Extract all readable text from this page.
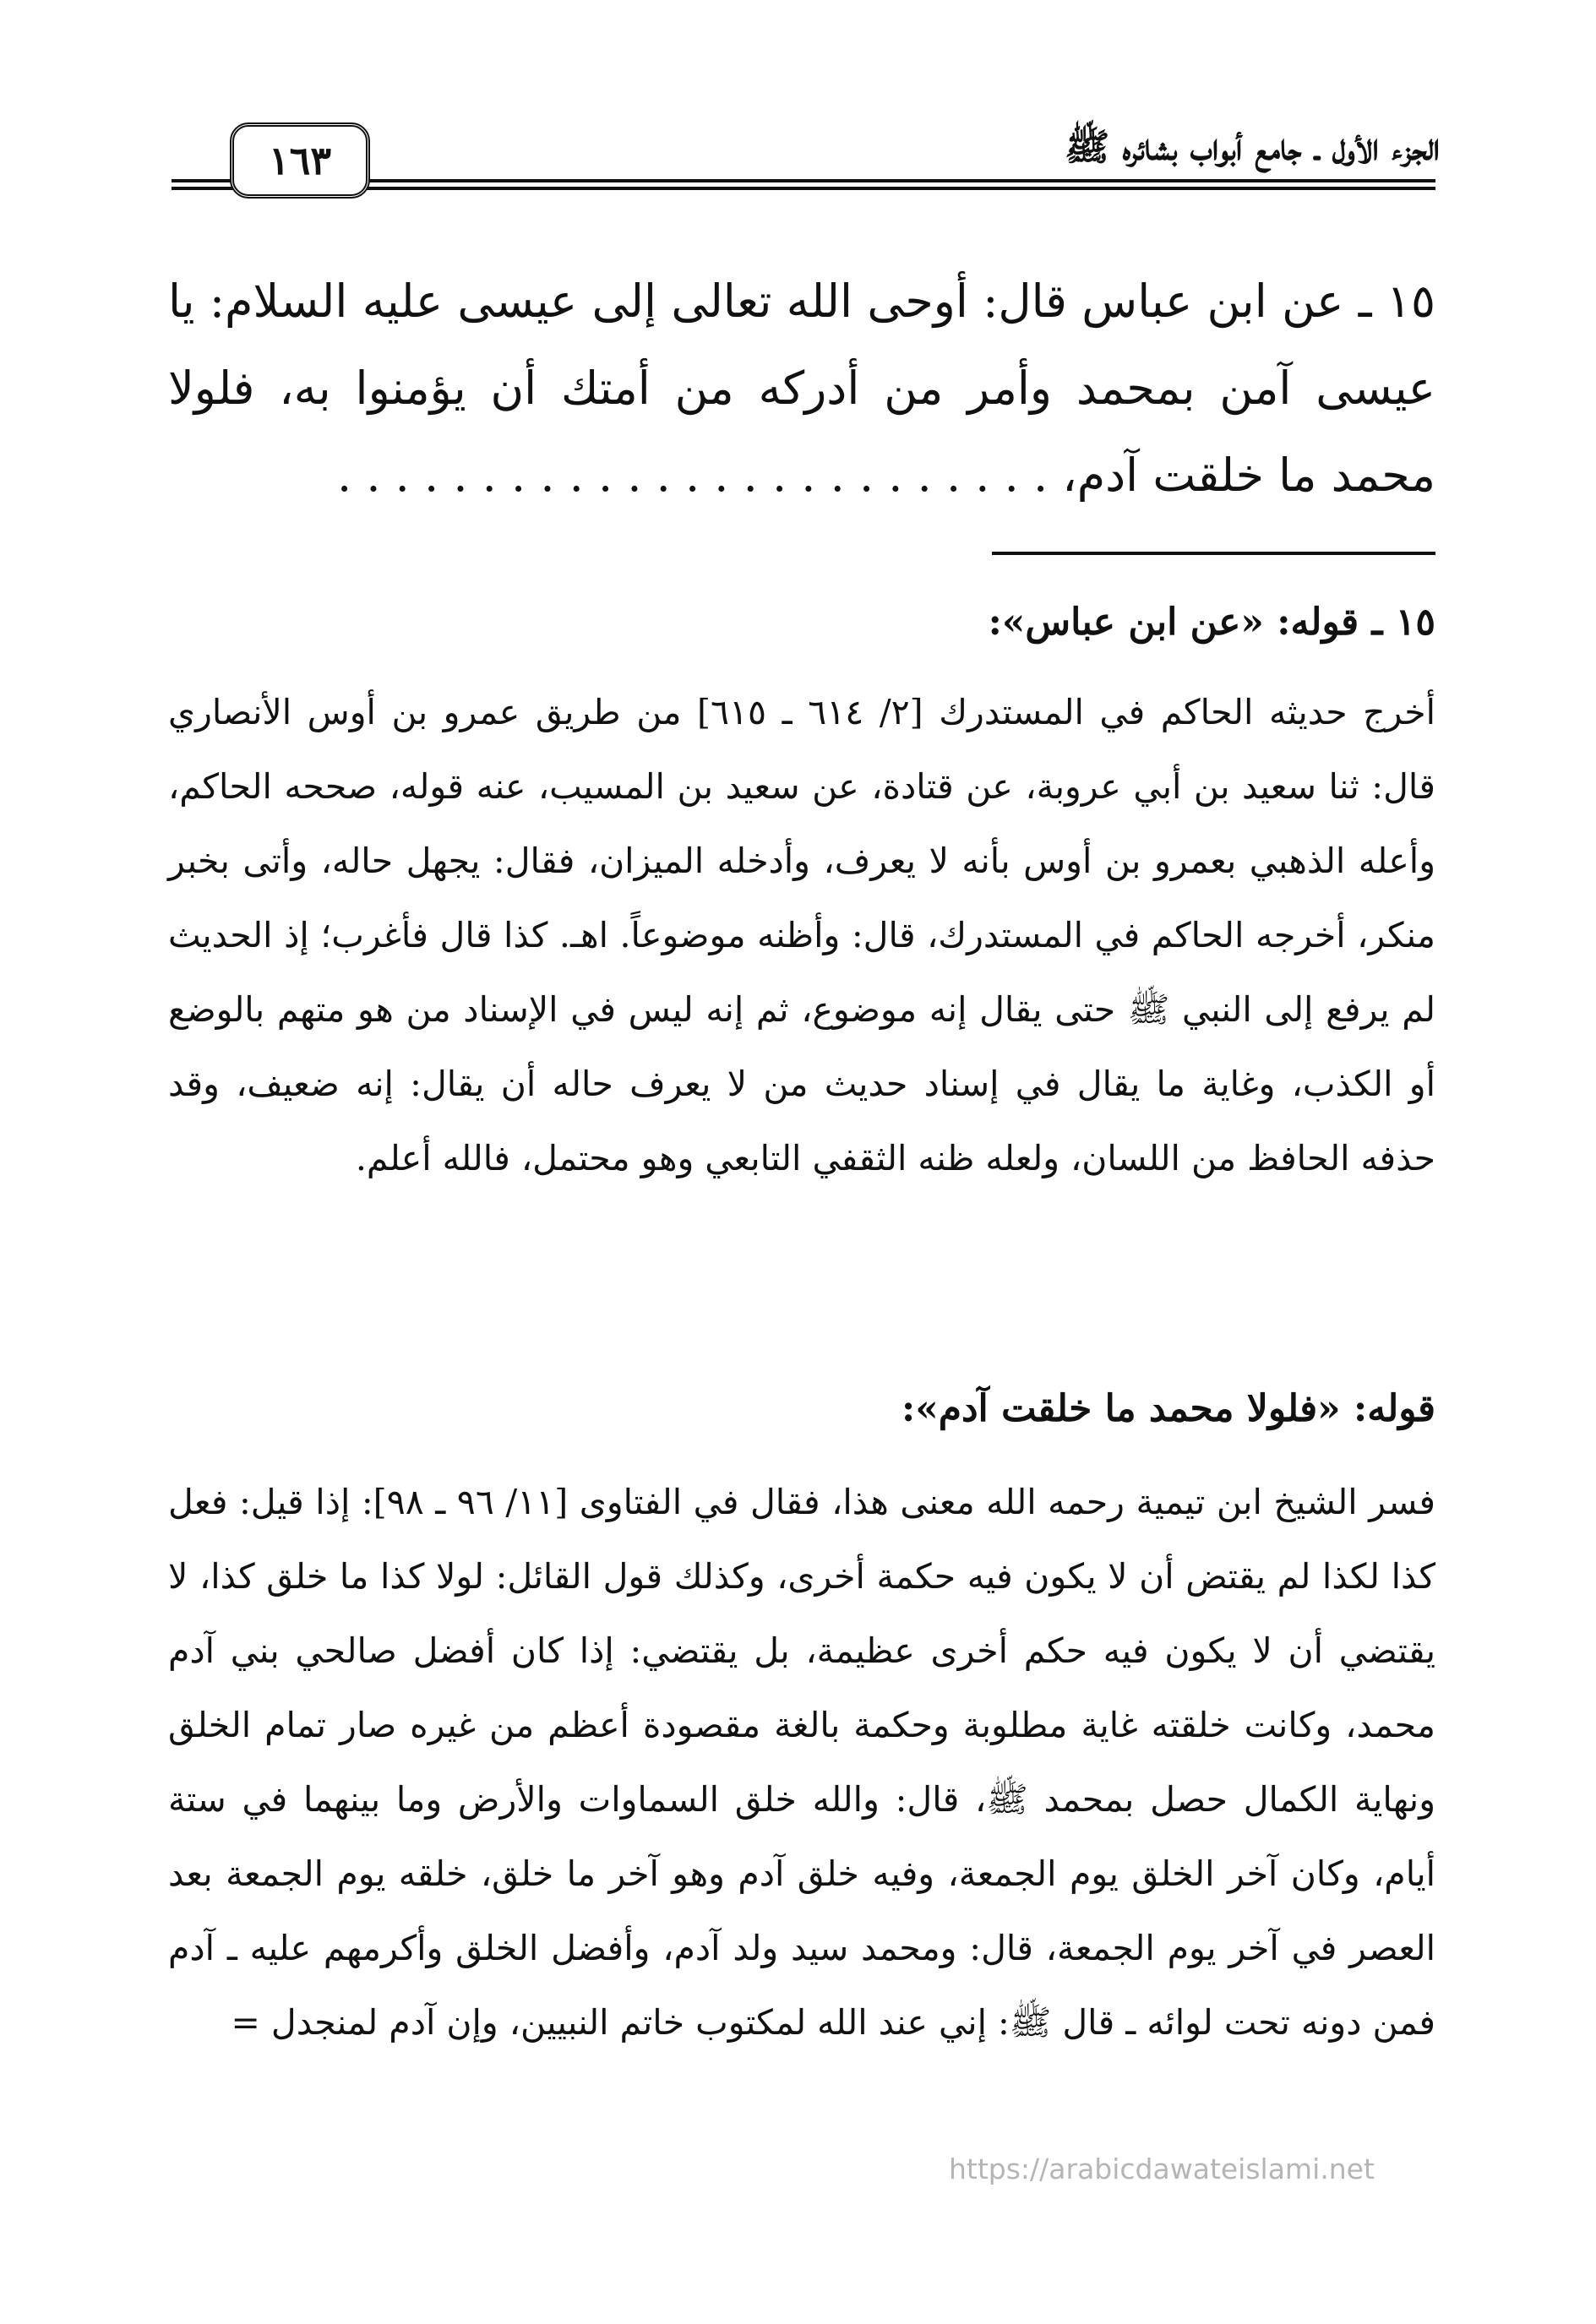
الجزء الأول ـ جامع أبواب بشائره ﷺ
١٦٣

١٥ ـ عن ابن عباس قال: أوحى الله تعالى إلى عيسى عليه السلام: يا عيسى آمن بمحمد وأمر من أدركه من أمتك أن يؤمنوا به، فلولا محمد ما خلقت آدم، . . . . . . . . . . . . . . . . . . . . . . . . .

١٥ ـ قوله: «عن ابن عباس»:

أخرج حديثه الحاكم في المستدرك [٢/ ٦١٤ ـ ٦١٥] من طريق عمرو بن أوس الأنصاري قال: ثنا سعيد بن أبي عروبة، عن قتادة، عن سعيد بن المسيب، عنه قوله، صححه الحاكم، وأعله الذهبي بعمرو بن أوس بأنه لا يعرف، وأدخله الميزان، فقال: يجهل حاله، وأتى بخبر منكر، أخرجه الحاكم في المستدرك، قال: وأظنه موضوعاً. اهـ. كذا قال فأغرب؛ إذ الحديث لم يرفع إلى النبي ﷺ حتى يقال إنه موضوع، ثم إنه ليس في الإسناد من هو متهم بالوضع أو الكذب، وغاية ما يقال في إسناد حديث من لا يعرف حاله أن يقال: إنه ضعيف، وقد حذفه الحافظ من اللسان، ولعله ظنه الثقفي التابعي وهو محتمل، فالله أعلم.

قوله: «فلولا محمد ما خلقت آدم»:

فسر الشيخ ابن تيمية رحمه الله معنى هذا، فقال في الفتاوى [١١/ ٩٦ ـ ٩٨]: إذا قيل: فعل كذا لكذا لم يقتض أن لا يكون فيه حكمة أخرى، وكذلك قول القائل: لولا كذا ما خلق كذا، لا يقتضي أن لا يكون فيه حكم أخرى عظيمة، بل يقتضي: إذا كان أفضل صالحي بني آدم محمد، وكانت خلقته غاية مطلوبة وحكمة بالغة مقصودة أعظم من غيره صار تمام الخلق ونهاية الكمال حصل بمحمد ﷺ، قال: والله خلق السماوات والأرض وما بينهما في ستة أيام، وكان آخر الخلق يوم الجمعة، وفيه خلق آدم وهو آخر ما خلق، خلقه يوم الجمعة بعد العصر في آخر يوم الجمعة، قال: ومحمد سيد ولد آدم، وأفضل الخلق وأكرمهم عليه ـ آدم فمن دونه تحت لوائه ـ قال ﷺ: إني عند الله لمكتوب خاتم النبيين، وإن آدم لمنجدل =

https://arabicdawateislami.net
